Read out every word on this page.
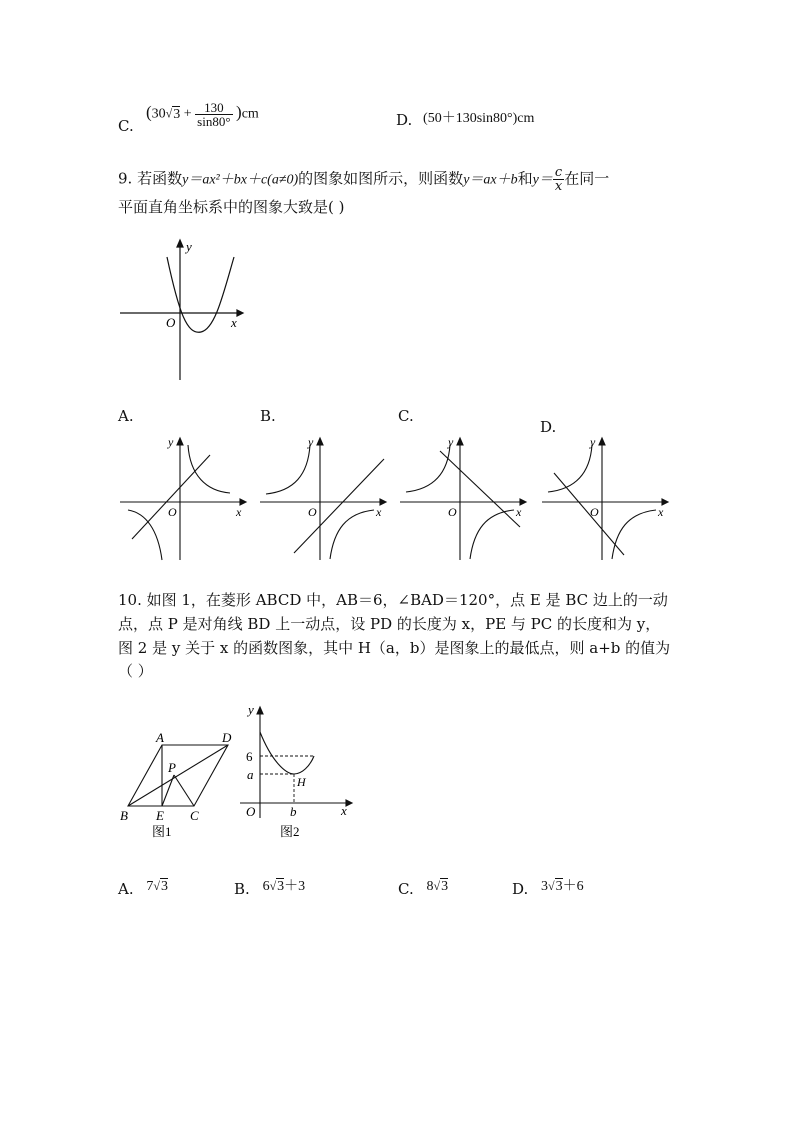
C.
$(30√3 + \frac{130}{\sin 80^\circ} )cm$	D. (50＋130sin80°)cm
9. 若函数y＝ax²＋bx＋c(a≠0)的图象如图所示，则函数y＝ax＋b和$y= \frac{c}{x}$ 在同一
平面直角坐标系中的图象大致是( )
y
x
O
A.	B.	C.
D.
y
x
O
y
x
O
y
x
O
y
x
O
10. 如图 1，在菱形 ABCD 中，AB＝6，∠BAD＝120°，点 E 是 BC 边上的一动
点，点 P 是对角线 BD 上一动点，设 PD 的长度为 x，PE 与 PC 的长度和为 y，
图 2 是 y 关于 x 的函数图象，其中 H（a，b）是图象上的最低点，则 a+b 的值为
（ ）
A	D
P
B E C
图1
y
6
a	H
O	b	x
图2
A. 7√3	B. 6√3＋3	C. 8√3	D. 3√3＋6
